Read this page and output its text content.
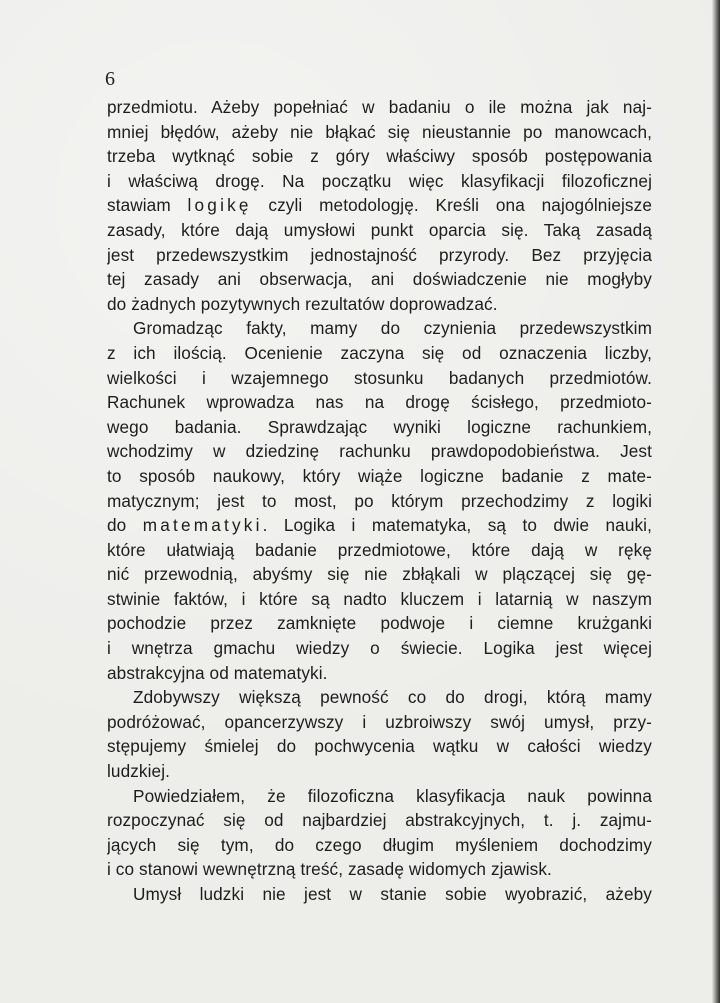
6
przedmiotu. Ażeby popełniać w badaniu o ile można jak naj-
mniej błędów, ażeby nie błąkać się nieustannie po manowcach,
trzeba wytknąć sobie z góry właściwy sposób postępowania
i właściwą drogę. Na początku więc klasyfikacji filozoficznej
stawiam logikę czyli metodologję. Kreśli ona najogólniejsze
zasady, które dają umysłowi punkt oparcia się. Taką zasadą
jest przedewszystkim jednostajność przyrody. Bez przyjęcia
tej zasady ani obserwacja, ani doświadczenie nie mogłyby
do żadnych pozytywnych rezultatów doprowadzać.
Gromadząc fakty, mamy do czynienia przedewszystkim
z ich ilością. Ocenienie zaczyna się od oznaczenia liczby,
wielkości i wzajemnego stosunku badanych przedmiotów.
Rachunek wprowadza nas na drogę ścisłego, przedmioto-
wego badania. Sprawdzając wyniki logiczne rachunkiem,
wchodzimy w dziedzinę rachunku prawdopodobieństwa. Jest
to sposób naukowy, który wiąże logiczne badanie z mate-
matycznym; jest to most, po którym przechodzimy z logiki
do matematyki. Logika i matematyka, są to dwie nauki,
które ułatwiają badanie przedmiotowe, które dają w rękę
nić przewodnią, abyśmy się nie zbłąkali w plączącej się gę-
stwinie faktów, i które są nadto kluczem i latarnią w naszym
pochodzie przez zamknięte podwoje i ciemne krużganki
i wnętrza gmachu wiedzy o świecie. Logika jest więcej
abstrakcyjna od matematyki.
Zdobywszy większą pewność co do drogi, którą mamy
podróżować, opancerzywszy i uzbroiwszy swój umysł, przy-
stępujemy śmielej do pochwycenia wątku w całości wiedzy
ludzkiej.
Powiedziałem, że filozoficzna klasyfikacja nauk powinna
rozpoczynać się od najbardziej abstrakcyjnych, t. j. zajmu-
jących się tym, do czego długim myśleniem dochodzimy
i co stanowi wewnętrzną treść, zasadę widomych zjawisk.
Umysł ludzki nie jest w stanie sobie wyobrazić, ażeby
